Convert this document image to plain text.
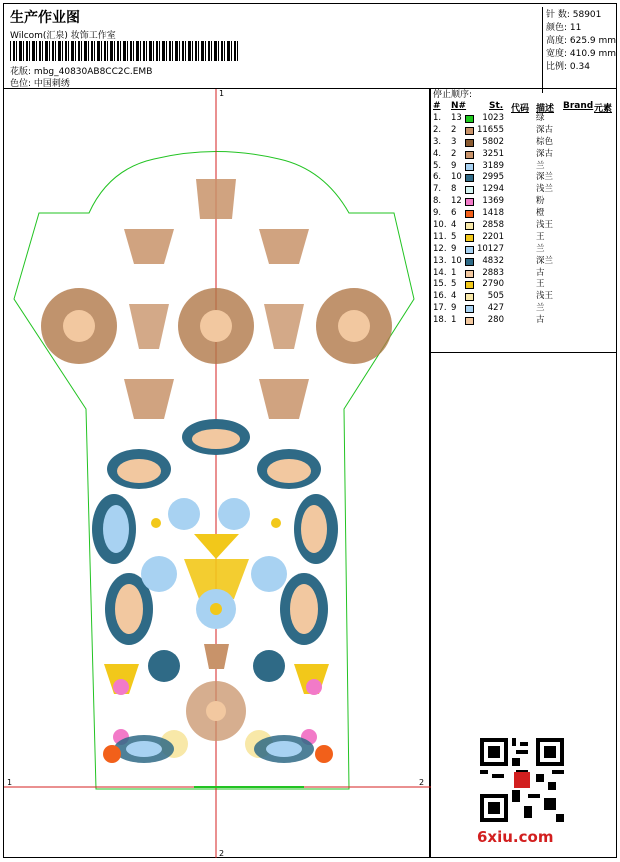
生产作业图
Wilcom(汇泉) 妆饰工作室
花版: mbg_40830AB8CC2C.EMB
色位: 中国刺绣
针 数: 58901
颜色: 11
高度: 625.9 mm
宽度: 410.9 mm
比例: 0.34
停止顺序:
# N#	St. 代码 描述 Brand 元素
1. 13	1023	绿
2. 2	11655	深古
3. 3	5802	棕色
4. 2	3251	深古
5. 9	3189	兰
6. 10	2995	深兰
7. 8	1294	浅兰
8. 12	1369	粉
9. 6	1418	橙
10. 4	2858	浅王
11. 5	2201	王
12. 9	10127	兰
13. 10	4832	深兰
14. 1	2883	古
15. 5	2790	王
16. 4	505	浅王
17. 9	427	兰
18. 1	280	古
1
2
1	2
6xiu.com
